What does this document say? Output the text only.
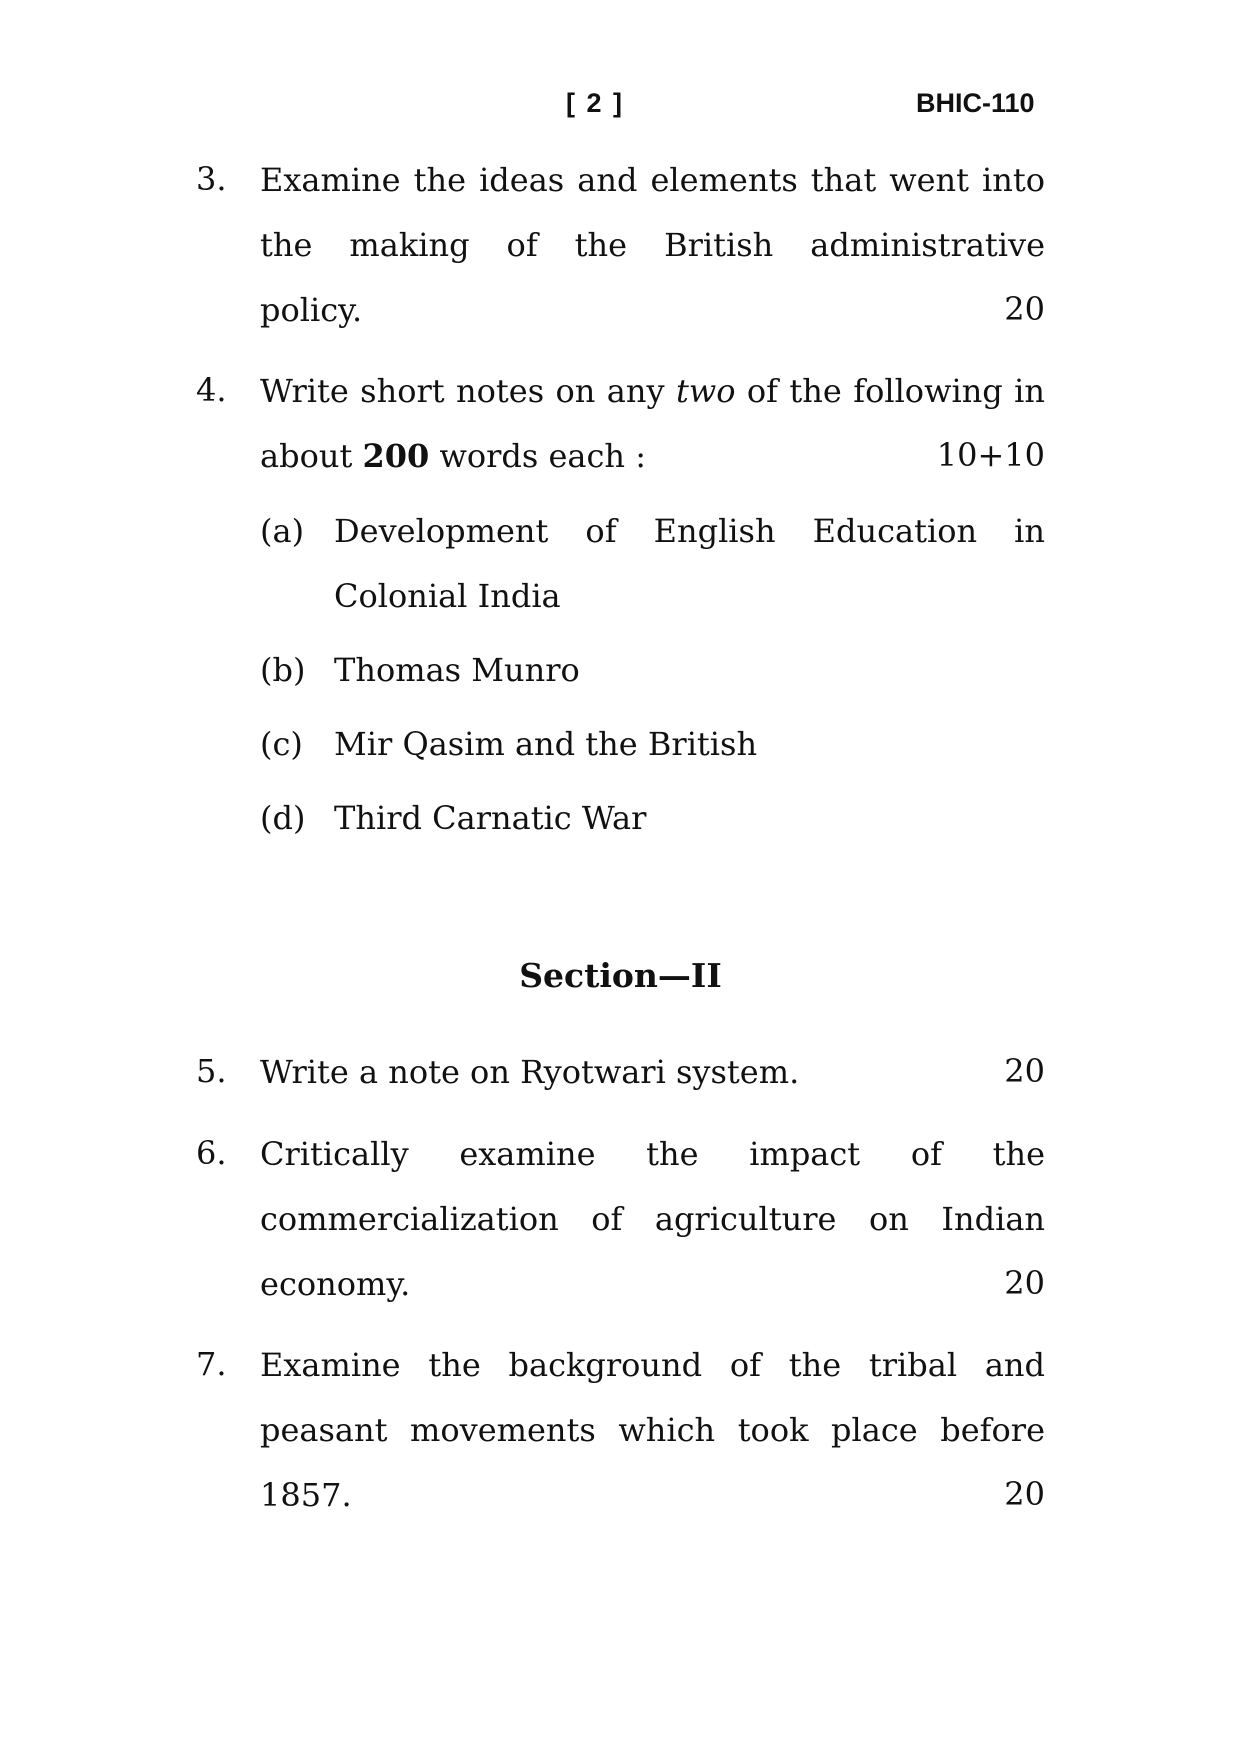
[ 2 ]	BHIC-110
3. Examine the ideas and elements that went into
the making of the British administrative
policy.	20
4. Write short notes on any two of the following in
about 200 words each :	10+10
(a) Development of English Education in
Colonial India
(b) Thomas Munro
(c) Mir Qasim and the British
(d) Third Carnatic War
Section—II
5. Write a note on Ryotwari system.	20
6. Critically examine the impact of the
commercialization of agriculture on Indian
economy.	20
7. Examine the background of the tribal and
peasant movements which took place before
1857.	20
